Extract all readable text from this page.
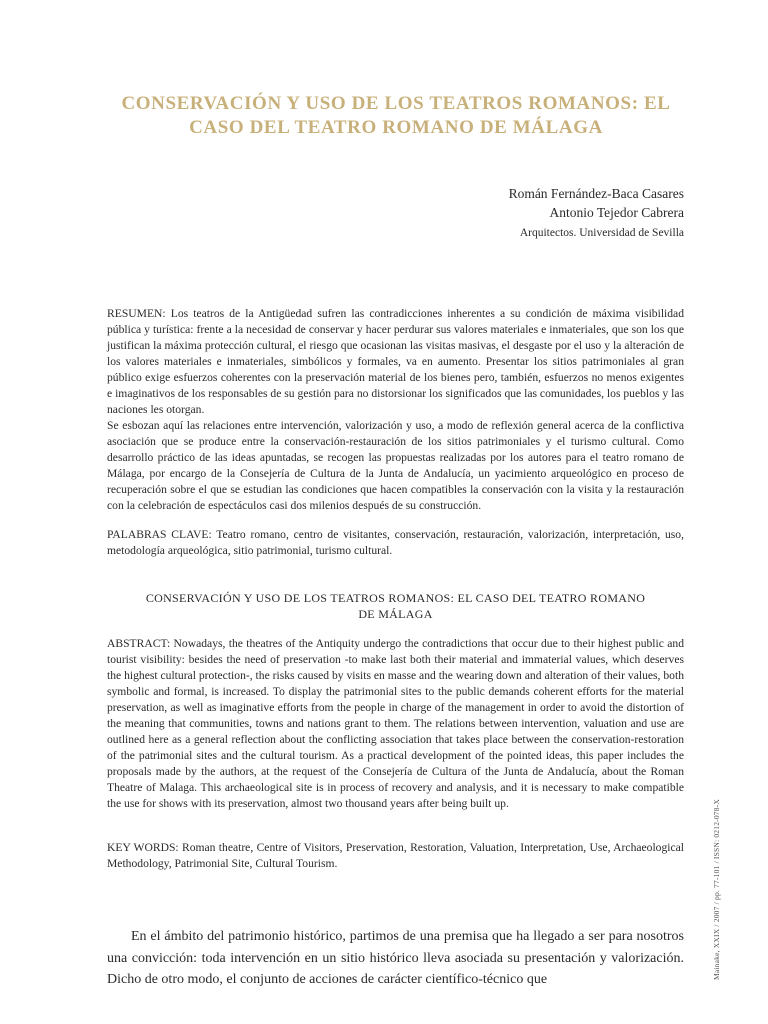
CONSERVACIÓN Y USO DE LOS TEATROS ROMANOS: EL
CASO DEL TEATRO ROMANO DE MÁLAGA
Román Fernández-Baca Casares
Antonio Tejedor Cabrera
Arquitectos. Universidad de Sevilla

RESUMEN: Los teatros de la Antigüedad sufren las contradicciones inherentes a su condición de máxima visibilidad pública y turística: frente a la necesidad de conservar y hacer perdurar sus valores materiales e inmateriales, que son los que justifican la máxima protección cultural, el riesgo que ocasionan las visitas masivas, el desgaste por el uso y la alteración de los valores materiales e inmateriales, simbólicos y formales, va en aumento. Presentar los sitios patrimoniales al gran público exige esfuerzos coherentes con la preservación material de los bienes pero, también, esfuerzos no menos exigentes e imaginativos de los responsables de su gestión para no distorsionar los significados que las comunidades, los pueblos y las naciones les otorgan.

Se esbozan aquí las relaciones entre intervención, valorización y uso, a modo de reflexión general acerca de la conflictiva asociación que se produce entre la conservación-restauración de los sitios patrimoniales y el turismo cultural. Como desarrollo práctico de las ideas apuntadas, se recogen las propuestas realizadas por los autores para el teatro romano de Málaga, por encargo de la Consejería de Cultura de la Junta de Andalucía, un yacimiento arqueológico en proceso de recuperación sobre el que se estudian las condiciones que hacen compatibles la conservación con la visita y la restauración con la celebración de espectáculos casi dos milenios después de su construcción.

PALABRAS CLAVE: Teatro romano, centro de visitantes, conservación, restauración, valorización, interpretación, uso, metodología arqueológica, sitio patrimonial, turismo cultural.

CONSERVACIÓN Y USO DE LOS TEATROS ROMANOS: EL CASO DEL TEATRO ROMANO
DE MÁLAGA

ABSTRACT: Nowadays, the theatres of the Antiquity undergo the contradictions that occur due to their highest public and tourist visibility: besides the need of preservation -to make last both their material and immaterial values, which deserves the highest cultural protection-, the risks caused by visits en masse and the wearing down and alteration of their values, both symbolic and formal, is increased. To display the patrimonial sites to the public demands coherent efforts for the material preservation, as well as imaginative efforts from the people in charge of the management in order to avoid the distortion of the meaning that communities, towns and nations grant to them. The relations between intervention, valuation and use are outlined here as a general reflection about the conflicting association that takes place between the conservation-restoration of the patrimonial sites and the cultural tourism. As a practical development of the pointed ideas, this paper includes the proposals made by the authors, at the request of the Consejería de Cultura of the Junta de Andalucía, about the Roman Theatre of Malaga. This archaeological site is in process of recovery and analysis, and it is necessary to make compatible the use for shows with its preservation, almost two thousand years after being built up.

KEY WORDS: Roman theatre, Centre of Visitors, Preservation, Restoration, Valuation, Interpretation, Use, Archaeological Methodology, Patrimonial Site, Cultural Tourism.

En el ámbito del patrimonio histórico, partimos de una premisa que ha llegado a ser para nosotros una convicción: toda intervención en un sitio histórico lleva asociada su presentación y valorización. Dicho de otro modo, el conjunto de acciones de carácter científico-técnico que	Mainake, XXIX / 2007 / pp. 77-101 / ISSN: 0212-078-X
